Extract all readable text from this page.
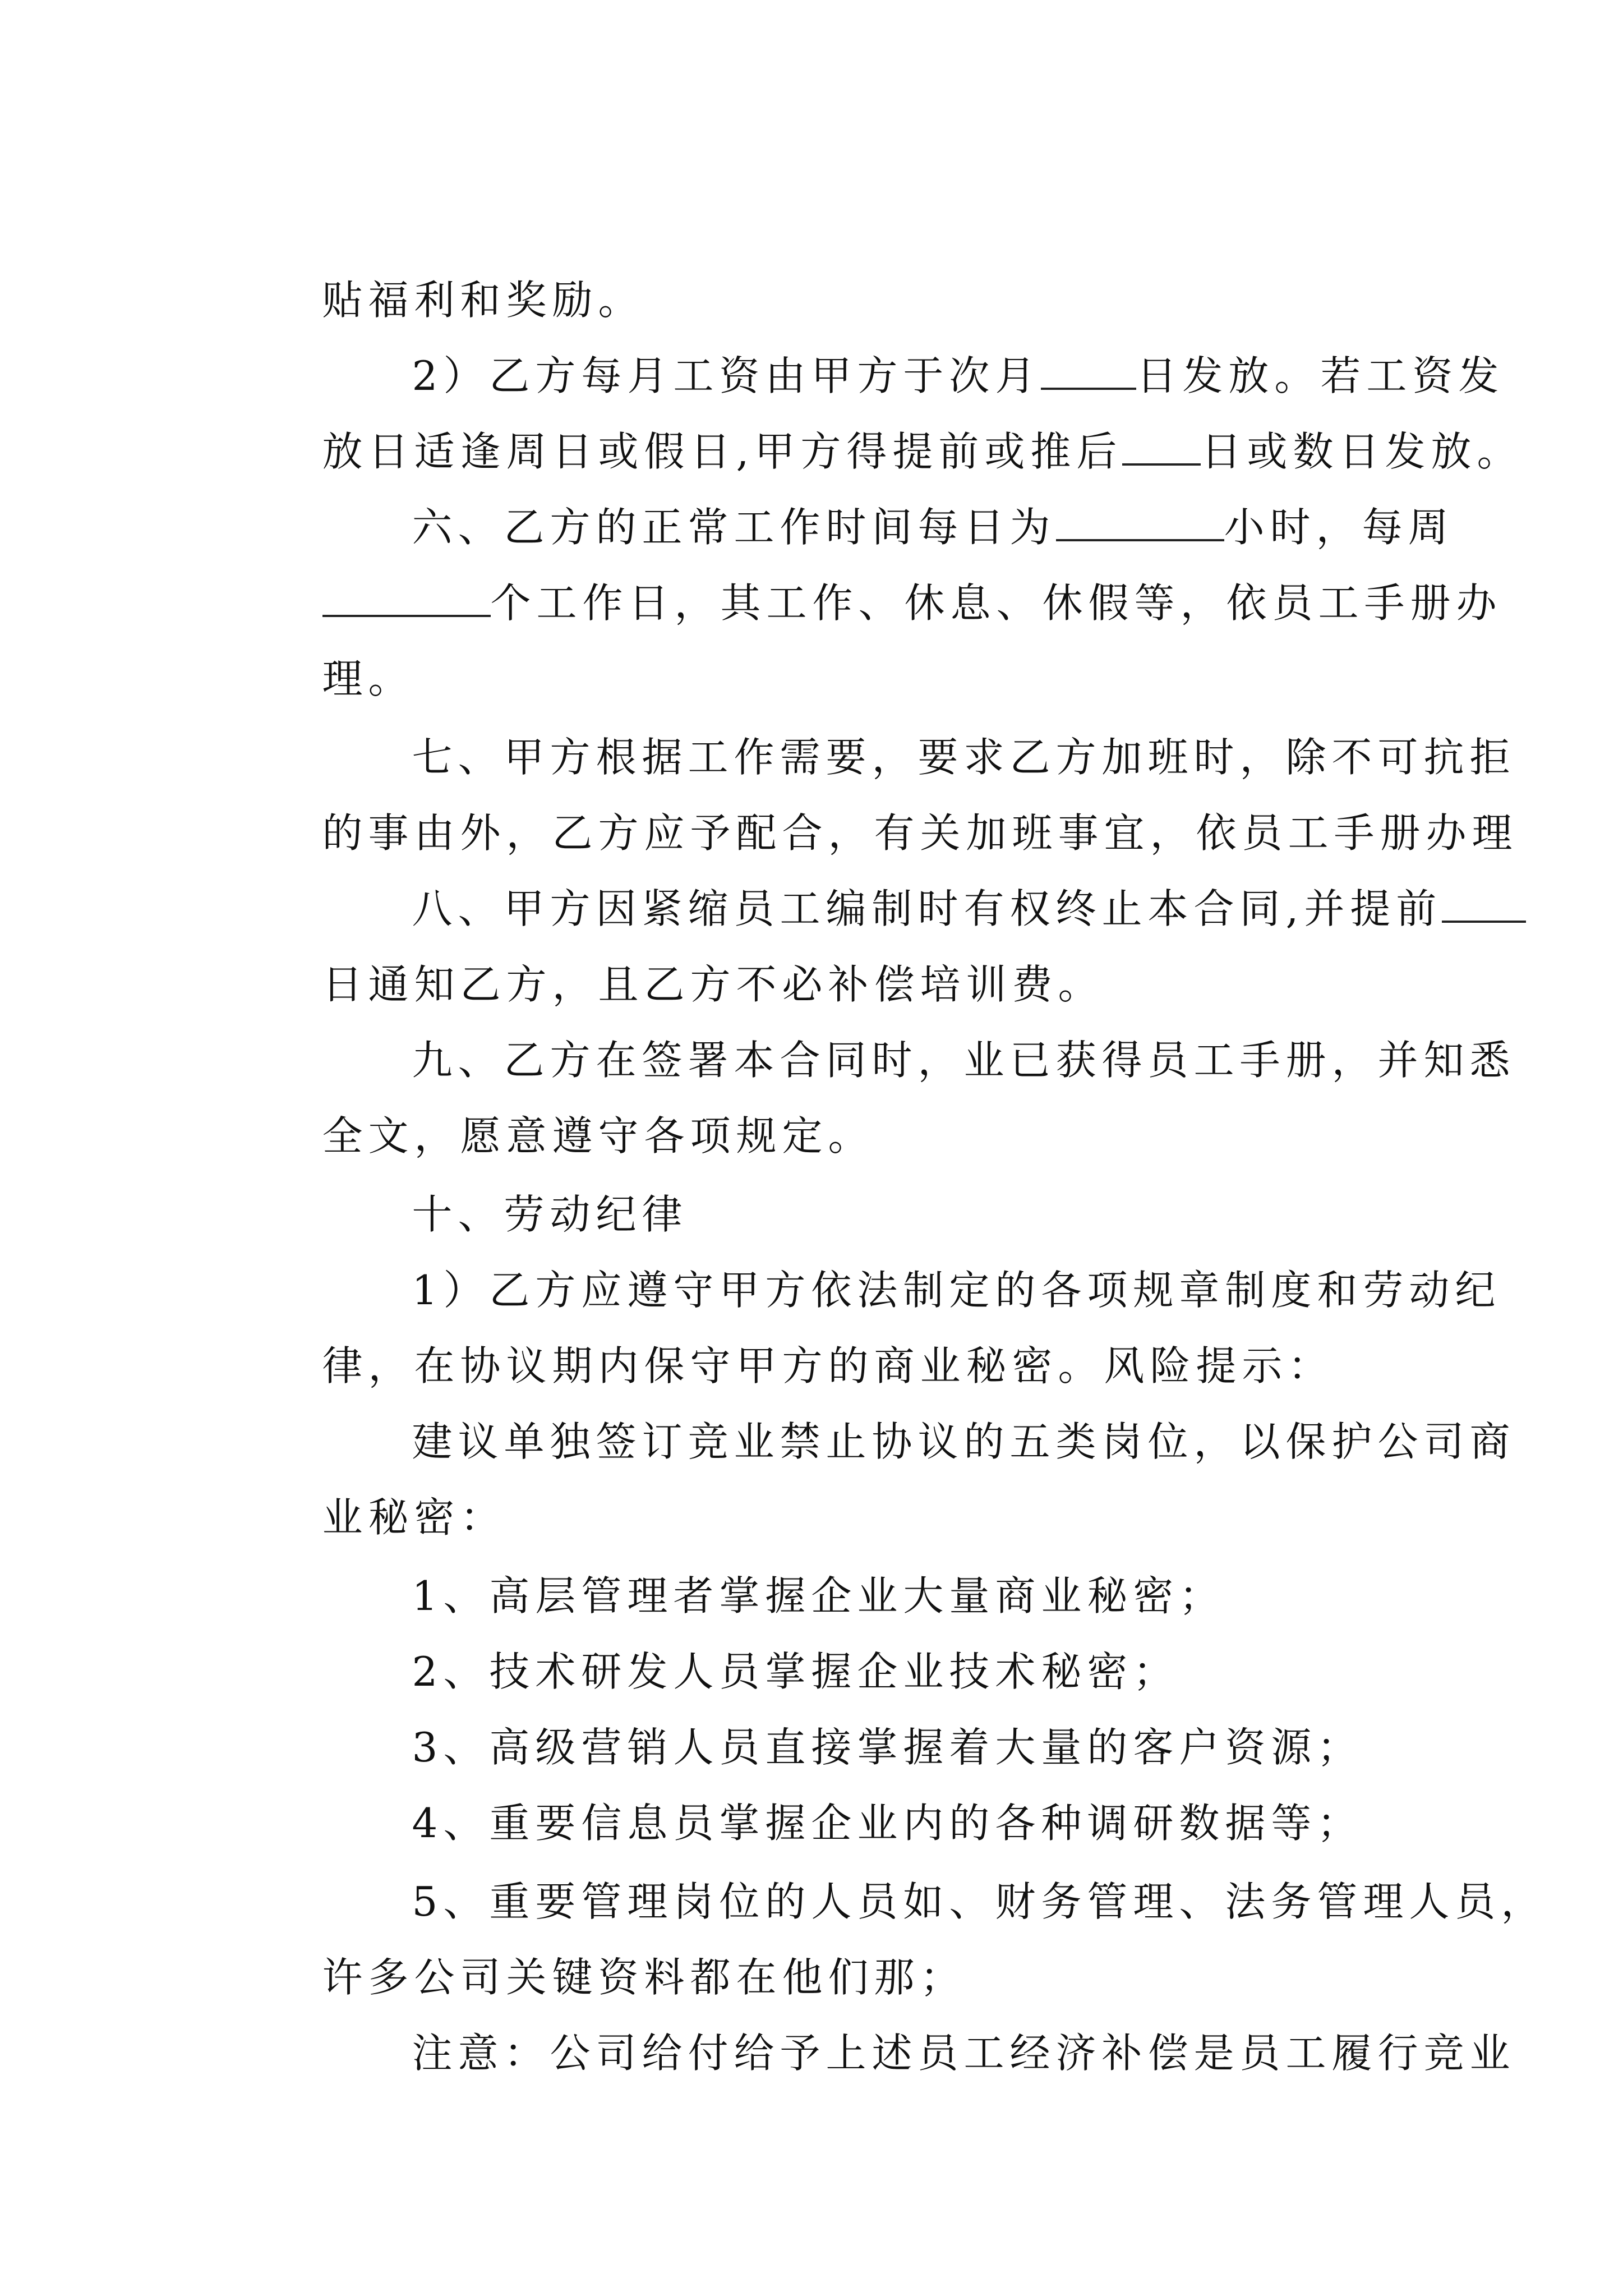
贴福利和奖励。

2）乙方每月工资由甲方于次月 日发放。若工资发

放日适逢周日或假日,甲方得提前或推后 日或数日发放。

六、乙方的正常工作时间每日为	小时，每周

个工作日，其工作、休息、休假等，依员工手册办

理。

七、甲方根据工作需要，要求乙方加班时，除不可抗拒

的事由外，乙方应予配合，有关加班事宜，依员工手册办理

八、甲方因紧缩员工编制时有权终止本合同,并提前

日通知乙方，且乙方不必补偿培训费。

九、乙方在签署本合同时，业已获得员工手册，并知悉

全文，愿意遵守各项规定。

十、劳动纪律

1）乙方应遵守甲方依法制定的各项规章制度和劳动纪

律，在协议期内保守甲方的商业秘密。风险提示：

建议单独签订竞业禁止协议的五类岗位，以保护公司商

业秘密：

1、高层管理者掌握企业大量商业秘密；

2、技术研发人员掌握企业技术秘密；

3、高级营销人员直接掌握着大量的客户资源；

4、重要信息员掌握企业内的各种调研数据等；

5、重要管理岗位的人员如、财务管理、法务管理人员，

许多公司关键资料都在他们那；

注意：公司给付给予上述员工经济补偿是员工履行竞业
